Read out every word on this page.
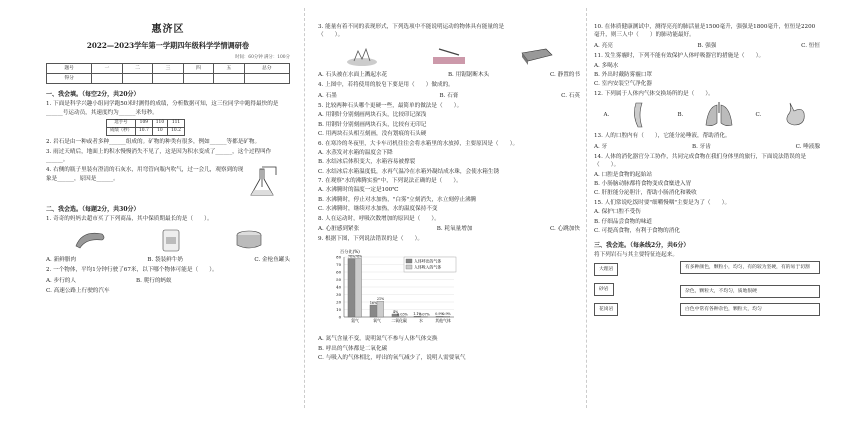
惠济区
2022—2023学年第一学期四年级科学学情调研卷
时间：60分钟 满分：100分
题号	一	二	三	四	五	总分
得分						
一、我会填。（每空2分，共20分）
1. 下面是科学兴趣小组同学跑50米时测得的成绩，分析数据可知，这三位同学中跑得最快的是______号运动员，其速度约为______米每秒。
选手号	109	110	111
成绩（秒）	10.7	10	10.2
2. 岩石是由一种或者多种______组成的。矿物的种类有很多，例如______等都是矿物。
3. 雨过天晴后，地面上的积水慢慢消失不见了，这是因为积水变成了______，这个过程叫作______。
4. 右侧的瓶子里装有澄清的石灰水，用弯管向瓶内吹气，过一会儿，观察到的现象是______，原因是______。
二、我会选。（每题2分，共30分）
1. 奇奇的妈妈去超市买了下列商品，其中保质期最长的是（　　）。
A. 新鲜腊肉	B. 袋装鲜牛奶	C. 金枪鱼罐头
2. 一个物体，平均1分钟行驶了67米，以下哪个物体可能是（　　）。
A. 步行的人	B. 爬行的蚂蚁
C. 高速公路上行驶的汽车
3. 能量有着不同的表现形式，下列选项中不能说明运动的物体具有能量的是（　　）。
A. 石头被在水面上溅起水花	B. 用锯锯断木头	C. 静置的书
4. 上图中，若将使用的胶皂下要是用（　　）做成的。
A. 石墨	B. 石膏	C. 石英
5. 比较两种石头哪个更硬一些，最简单的做法是（　　）。
A. 用钢针分别刻画两块石头，比较印记深浅
B. 用钢针分别刻画两块石头，比较有无印记
C. 用两块石头相互刻画，没有划痕的石头硬
6. 在寒冷的冬夜里，大卡车司机往往会将水箱里的水放掉，主要原因是（　　）。
A. 水蒸发对水箱的温度会下降
B. 水结冰后体积变大，水箱容易被撑裂
C. 水结冰后水箱温度低，水再气温冷在水箱外凝结成水珠，会使水箱生锈
7. 在观察"水的沸腾实验"中，下列说法正确的是（　　）。
A. 水沸腾时的温度一定是100℃
B. 水沸腾时，停止对水加热，"白雾"立刻消失，水立刻停止沸腾
C. 水沸腾时，继续对水加热，水的温度保持不变
8. 人在运动时，呼吸次数增加的原因是（　　）。
A. 心脏感到紧张	B. 耗氧量增加	C. 心跳加快
9. 根据下图，下列说法错误的是（　　）。
百分比(%)
0
10
20
30
40
50
60
70
80 78% 78%
氮气
16%
21%
氧气
4%
0.03%
二氧化碳
1.1%
0.07%
水
0.9%
0.9%
其他气体
人体呼出的气体
人体吸入的气体
A. 氮气含量不变，说明氮气不参与人体气体交换
B. 呼出的气体都是二氧化碳
C. 与吸入的气体相比，呼出的氧气减少了，说明人需要氧气
10. 在体质健康测试中，测得亮亮的肺活量是1500毫升，强强是1800毫升，恒恒是2200毫升，则三人中（　　）的肺功能最好。
A. 亮亮	B. 强强	C. 恒恒
11. 发生雾霾时，下列不能有效保护人体呼吸器官的措施是（　　）。
A. 多喝水
B. 外出时戴防雾霾口罩
C. 室内安装空气净化器
12. 下列属于人体内气体交换场所的是（　　）。
A.	B.	C.
13. 人的口腔内有（　　），它能分泌唾液，帮助消化。
A. 牙	B. 牙齿	C. 唾液腺
14. 人体的消化器官分工协作，共同完成食物在我们身体里的旅行，下面说法错误的是（　　）。
A. 口腔是食物的起始站
B. 小肠脑动脉都将食物变成食糜进入胃
C. 肝脏能分泌胆汁，帮助小肠消化和吸收
15. 人们常说吃饭时要"细嚼慢咽"主要是为了（　　）。
A. 保护口腔不受伤
B. 仔细品尝食物的味道
C. 可提高食物，有利于食物的消化
三、我会连。（每条线2分，共6分）
将下列岩石与其主要特征连起来。
大理岩
砂岩
花岗岩
有多种颜色，颗粒小，均匀，有的较为坚硬，有的易于切割
杂色，颗粒大，不均匀，质地很硬
白色中常有各种杂色，颗粒大，均匀
